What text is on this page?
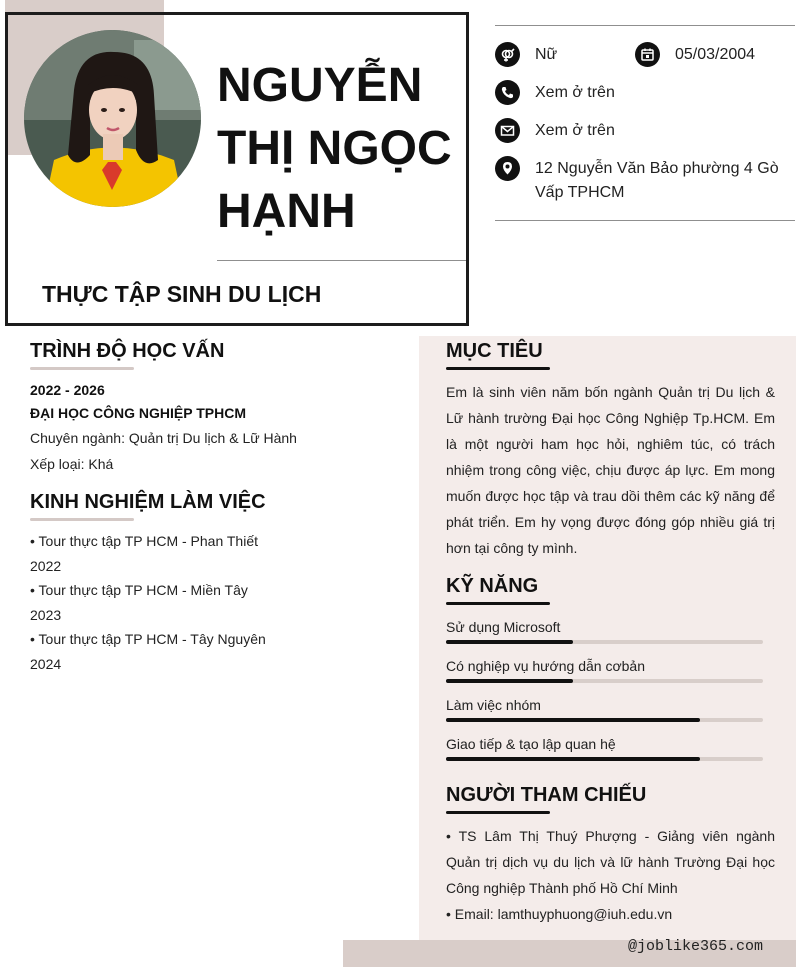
NGUYỄN THỊ NGỌC HẠNH
THỰC TẬP SINH DU LỊCH
Nữ	05/03/2004
Xem ở trên
Xem ở trên
12 Nguyễn Văn Bảo phường 4 Gò Vấp TPHCM
TRÌNH ĐỘ HỌC VẤN
2022 - 2026
ĐẠI HỌC CÔNG NGHIỆP TPHCM
Chuyên ngành: Quản trị Du lịch & Lữ Hành
Xếp loại: Khá
KINH NGHIỆM LÀM VIỆC
• Tour thực tập TP HCM - Phan Thiết
2022
• Tour thực tập TP HCM - Miền Tây
2023
• Tour thực tập TP HCM - Tây Nguyên
2024
MỤC TIÊU
Em là sinh viên năm bốn ngành Quản trị Du lịch & Lữ hành trường Đại học Công Nghiệp Tp.HCM. Em là một người ham học hỏi, nghiêm túc, có trách nhiệm trong công việc, chịu được áp lực. Em mong muốn được học tập và trau dồi thêm các kỹ năng để phát triển. Em hy vọng được đóng góp nhiều giá trị hơn tại công ty mình.
KỸ NĂNG
Sử dụng Microsoft
Có nghiệp vụ hướng dẫn cơbản
Làm việc nhóm
Giao tiếp & tạo lập quan hệ
NGƯỜI THAM CHIẾU
• TS Lâm Thị Thuý Phượng - Giảng viên ngành Quản trị dịch vụ du lịch và lữ hành Trường Đại học Công nghiệp Thành phố Hồ Chí Minh
• Email: lamthuyphuong@iuh.edu.vn
@joblike365.com
